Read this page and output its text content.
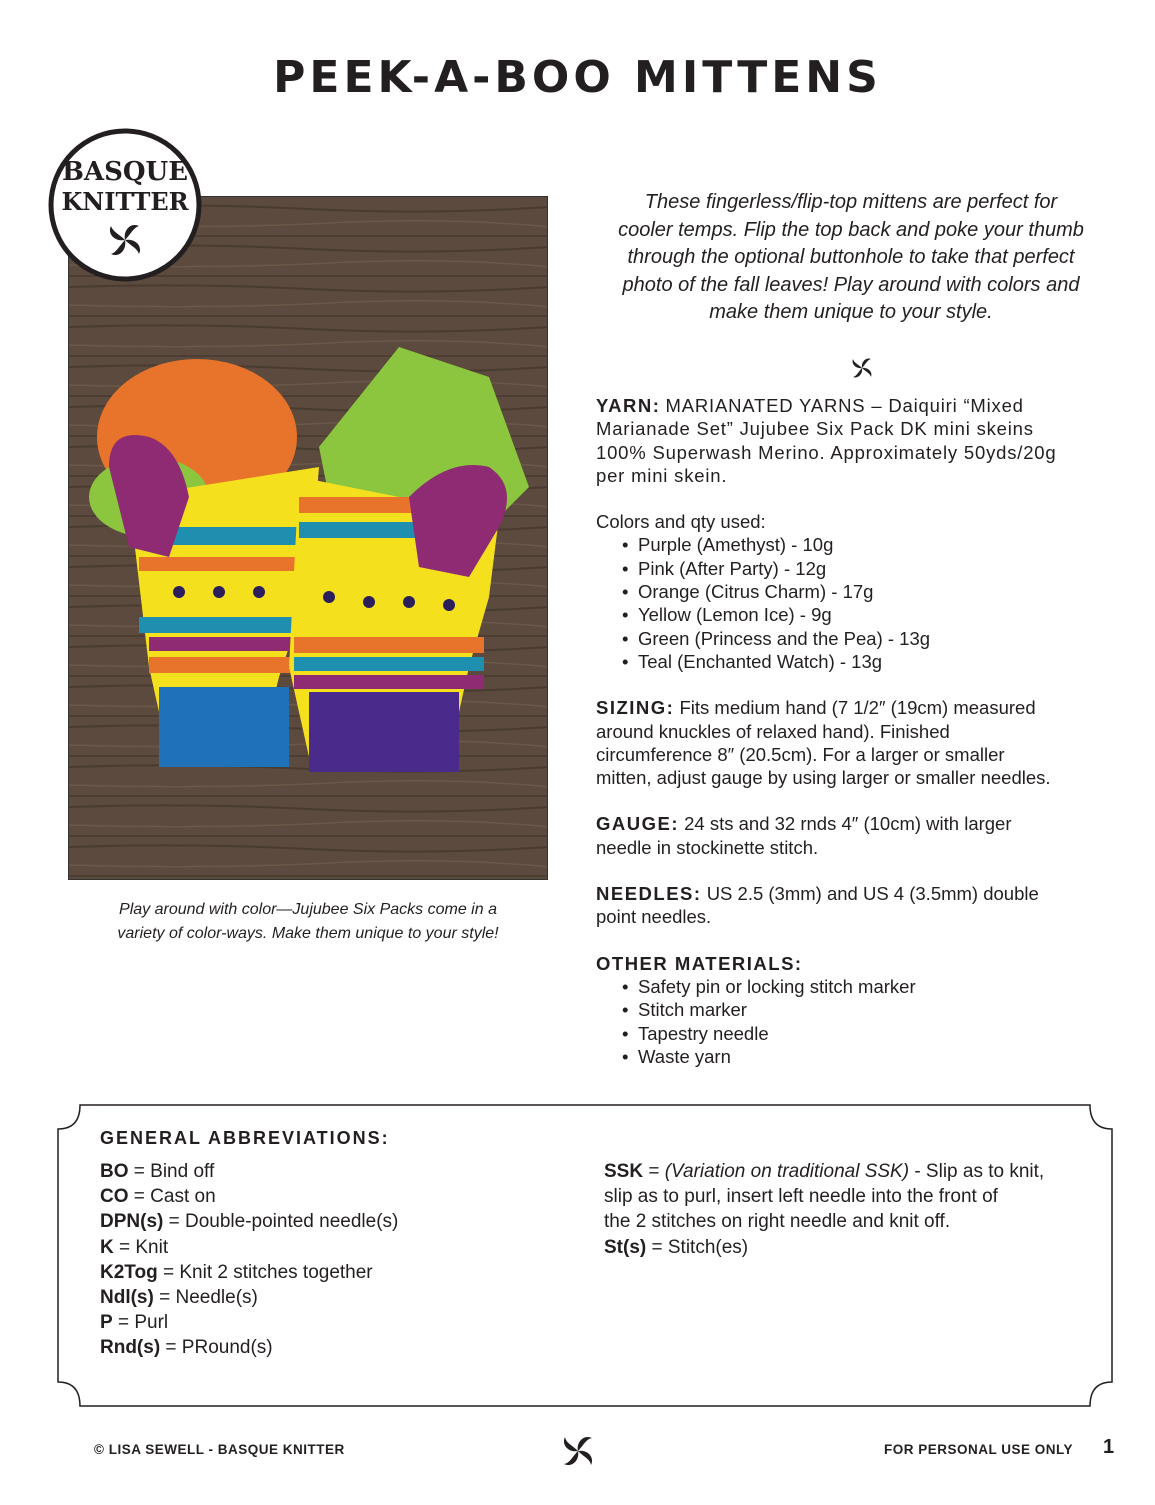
PEEK-A-BOO MITTENS
BASQUE
KNITTER
Play around with color—Jujubee Six Packs come in a
variety of color-ways. Make them unique to your style!
These fingerless/flip-top mittens are perfect for
cooler temps. Flip the top back and poke your thumb
through the optional buttonhole to take that perfect
photo of the fall leaves! Play around with colors and
make them unique to your style.

YARN: MARIANATED YARNS – Daiquiri “Mixed
Marianade Set” Jujubee Six Pack DK mini skeins
100% Superwash Merino. Approximately 50yds/20g
per mini skein.

Colors and qty used:

• Purple (Amethyst) - 10g
• Pink (After Party) - 12g
• Orange (Citrus Charm) - 17g
• Yellow (Lemon Ice) - 9g
• Green (Princess and the Pea) - 13g
• Teal (Enchanted Watch) - 13g

SIZING: Fits medium hand (7 1/2″ (19cm) measured
around knuckles of relaxed hand). Finished
circumference 8″ (20.5cm). For a larger or smaller
mitten, adjust gauge by using larger or smaller needles.

GAUGE: 24 sts and 32 rnds 4″ (10cm) with larger
needle in stockinette stitch.

NEEDLES: US 2.5 (3mm) and US 4 (3.5mm) double
point needles.

OTHER MATERIALS:

• Safety pin or locking stitch marker
• Stitch marker
• Tapestry needle
• Waste yarn
GENERAL ABBREVIATIONS:
BO = Bind off
CO = Cast on
DPN(s) = Double-pointed needle(s)
K = Knit
K2Tog = Knit 2 stitches together
Ndl(s) = Needle(s)
P = Purl
Rnd(s) = PRound(s)
SSK = (Variation on traditional SSK) - Slip as to knit,
slip as to purl, insert left needle into the front of
the 2 stitches on right needle and knit off.
St(s) = Stitch(es)
© LISA SEWELL - BASQUE KNITTER	FOR PERSONAL USE ONLY 1
